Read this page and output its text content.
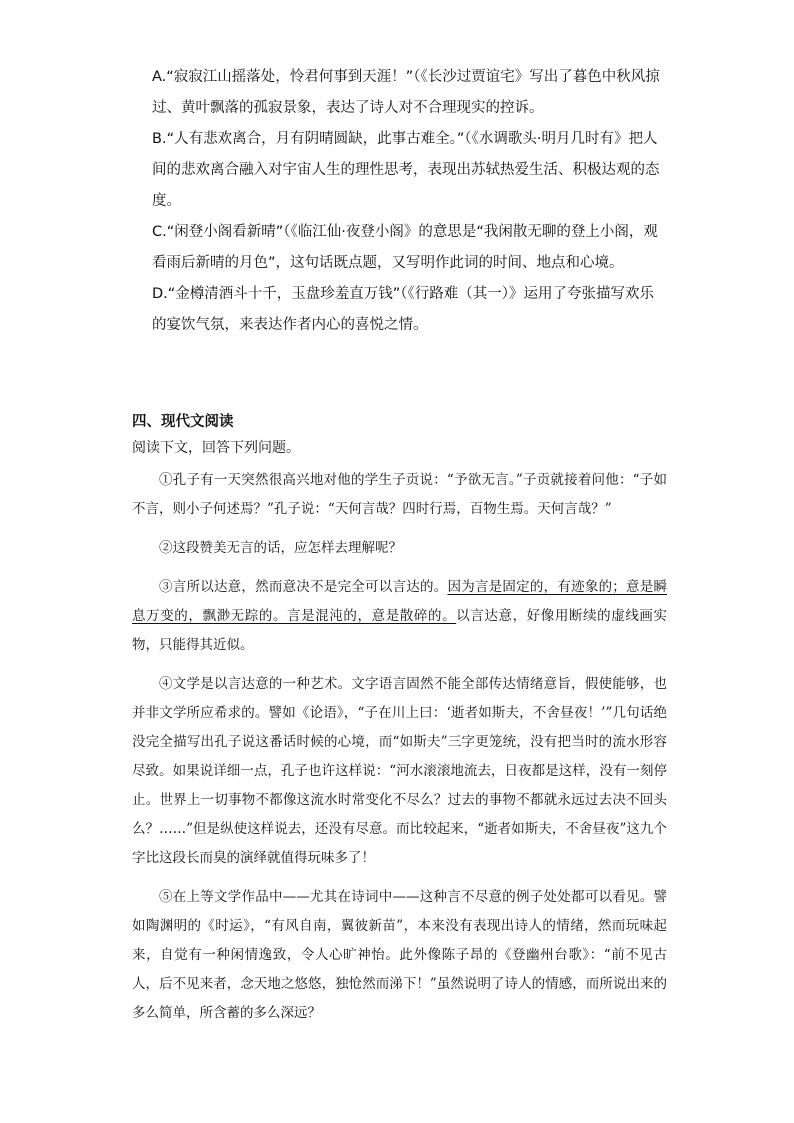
A.“寂寂江山摇落处，怜君何事到天涯！”（《长沙过贾谊宅》写出了暮色中秋风掠过、黄叶飘落的孤寂景象，表达了诗人对不合理现实的控诉。

B.“人有悲欢离合，月有阴晴圆缺，此事古难全。”（《水调歌头·明月几时有》把人间的悲欢离合融入对宇宙人生的理性思考，表现出苏轼热爱生活、积极达观的态度。

C.“闲登小阁看新晴”（《临江仙·夜登小阁》的意思是“我闲散无聊的登上小阁，观看雨后新晴的月色”，这句话既点题，又写明作此词的时间、地点和心境。

D.“金樽清酒斗十千，玉盘珍羞直万钱”（《行路难（其一）》运用了夸张描写欢乐的宴饮气氛，来表达作者内心的喜悦之情。

四、现代文阅读

阅读下文，回答下列问题。

①孔子有一天突然很高兴地对他的学生子贡说：“予欲无言。”子贡就接着问他：“子如不言，则小子何述焉？”孔子说：“天何言哉？四时行焉，百物生焉。天何言哉？”

②这段赞美无言的话，应怎样去理解呢？

③言所以达意，然而意决不是完全可以言达的。因为言是固定的，有迹象的；意是瞬息万变的，飘渺无踪的。言是混沌的，意是散碎的。以言达意，好像用断续的虚线画实物，只能得其近似。

④文学是以言达意的一种艺术。文字语言固然不能全部传达情绪意旨，假使能够，也并非文学所应希求的。譬如《论语》，“子在川上曰：‘逝者如斯夫，不舍昼夜！’”几句话绝没完全描写出孔子说这番话时候的心境，而“如斯夫”三字更笼统，没有把当时的流水形容尽致。如果说详细一点，孔子也许这样说：“河水滚滚地流去，日夜都是这样，没有一刻停止。世界上一切事物不都像这流水时常变化不尽么？过去的事物不都就永远过去决不回头么？……”但是纵使这样说去，还没有尽意。而比较起来，“逝者如斯夫，不舍昼夜”这九个字比这段长而臭的演绎就值得玩味多了！

⑤在上等文学作品中——尤其在诗词中——这种言不尽意的例子处处都可以看见。譬如陶渊明的《时运》，“有风自南，翼彼新苗”，本来没有表现出诗人的情绪，然而玩味起来，自觉有一种闲情逸致，令人心旷神怡。此外像陈子昂的《登幽州台歌》：“前不见古人，后不见来者，念天地之悠悠，独怆然而涕下！”虽然说明了诗人的情感，而所说出来的多么简单，所含蓄的多么深远？
